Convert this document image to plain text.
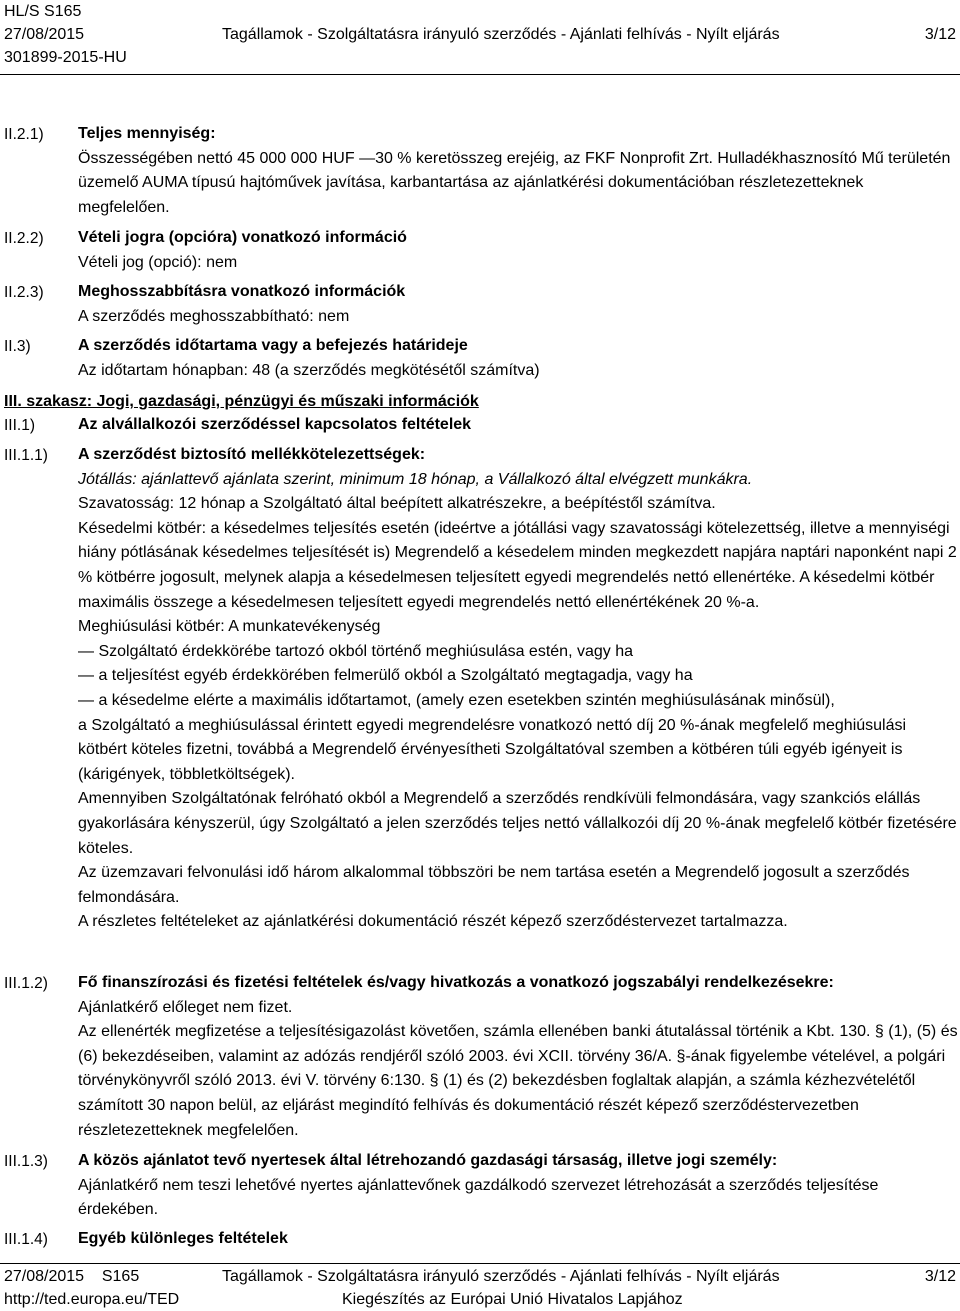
HL/S S165
27/08/2015	Tagállamok - Szolgáltatásra irányuló szerződés - Ajánlati felhívás - Nyílt eljárás	3/12
301899-2015-HU
II.2.1) Teljes mennyiség:

Összességében nettó 45 000 000 HUF —30 % keretösszeg erejéig, az FKF Nonprofit Zrt. Hulladékhasznosító Mű területén üzemelő AUMA típusú hajtóművek javítása, karbantartása az ajánlatkérési dokumentációban részletezetteknek megfelelően.

II.2.2) Vételi jogra (opcióra) vonatkozó információ

Vételi jog (opció): nem

II.2.3) Meghosszabbításra vonatkozó információk

A szerződés meghosszabbítható: nem

II.3)	A szerződés időtartama vagy a befejezés határideje

Az időtartam hónapban: 48 (a szerződés megkötésétől számítva)

III. szakasz: Jogi, gazdasági, pénzügyi és műszaki információk
III.1)	Az alvállalkozói szerződéssel kapcsolatos feltételek

III.1.1) A szerződést biztosító mellékkötelezettségek:

Jótállás: ajánlattevő ajánlata szerint, minimum 18 hónap, a Vállalkozó által elvégzett munkákra.

Szavatosság: 12 hónap a Szolgáltató által beépített alkatrészekre, a beépítéstől számítva.

Késedelmi kötbér: a késedelmes teljesítés esetén (ideértve a jótállási vagy szavatossági kötelezettség, illetve a mennyiségi hiány pótlásának késedelmes teljesítését is) Megrendelő a késedelem minden megkezdett napjára naptári naponként napi 2 % kötbérre jogosult, melynek alapja a késedelmesen teljesített egyedi megrendelés nettó ellenértéke. A késedelmi kötbér maximális összege a késedelmesen teljesített egyedi megrendelés nettó ellenértékének 20 %-a.

Meghiúsulási kötbér: A munkatevékenység

— Szolgáltató érdekkörébe tartozó okból történő meghiúsulása estén, vagy ha

— a teljesítést egyéb érdekkörében felmerülő okból a Szolgáltató megtagadja, vagy ha

— a késedelme elérte a maximális időtartamot, (amely ezen esetekben szintén meghiúsulásának minősül),

a Szolgáltató a meghiúsulással érintett egyedi megrendelésre vonatkozó nettó díj 20 %-ának megfelelő meghiúsulási kötbért köteles fizetni, továbbá a Megrendelő érvényesítheti Szolgáltatóval szemben a kötbéren túli egyéb igényeit is (kárigények, többletköltségek).

Amennyiben Szolgáltatónak felróható okból a Megrendelő a szerződés rendkívüli felmondására, vagy szankciós elállás gyakorlására kényszerül, úgy Szolgáltató a jelen szerződés teljes nettó vállalkozói díj 20 %-ának megfelelő kötbér fizetésére köteles.

Az üzemzavari felvonulási idő három alkalommal többszöri be nem tartása esetén a Megrendelő jogosult a szerződés felmondására.

A részletes feltételeket az ajánlatkérési dokumentáció részét képező szerződéstervezet tartalmazza.

III.1.2) Fő finanszírozási és fizetési feltételek és/vagy hivatkozás a vonatkozó jogszabályi rendelkezésekre:

Ajánlatkérő előleget nem fizet.

Az ellenérték megfizetése a teljesítésigazolást követően, számla ellenében banki átutalással történik a Kbt. 130. § (1), (5) és (6) bekezdéseiben, valamint az adózás rendjéről szóló 2003. évi XCII. törvény 36/A. §-ának figyelembe vételével, a polgári törvénykönyvről szóló 2013. évi V. törvény 6:130. § (1) és (2) bekezdésben foglaltak alapján, a számla kézhezvételétől számított 30 napon belül, az eljárást megindító felhívás és dokumentáció részét képező szerződéstervezetben részletezetteknek megfelelően.

III.1.3) A közös ajánlatot tevő nyertesek által létrehozandó gazdasági társaság, illetve jogi személy:

Ajánlatkérő nem teszi lehetővé nyertes ajánlattevőnek gazdálkodó szervezet létrehozását a szerződés teljesítése érdekében.

III.1.4) Egyéb különleges feltételek

27/08/2015 S165	Tagállamok - Szolgáltatásra irányuló szerződés - Ajánlati felhívás - Nyílt eljárás	3/12
http://ted.europa.eu/TED	Kiegészítés az Európai Unió Hivatalos Lapjához
